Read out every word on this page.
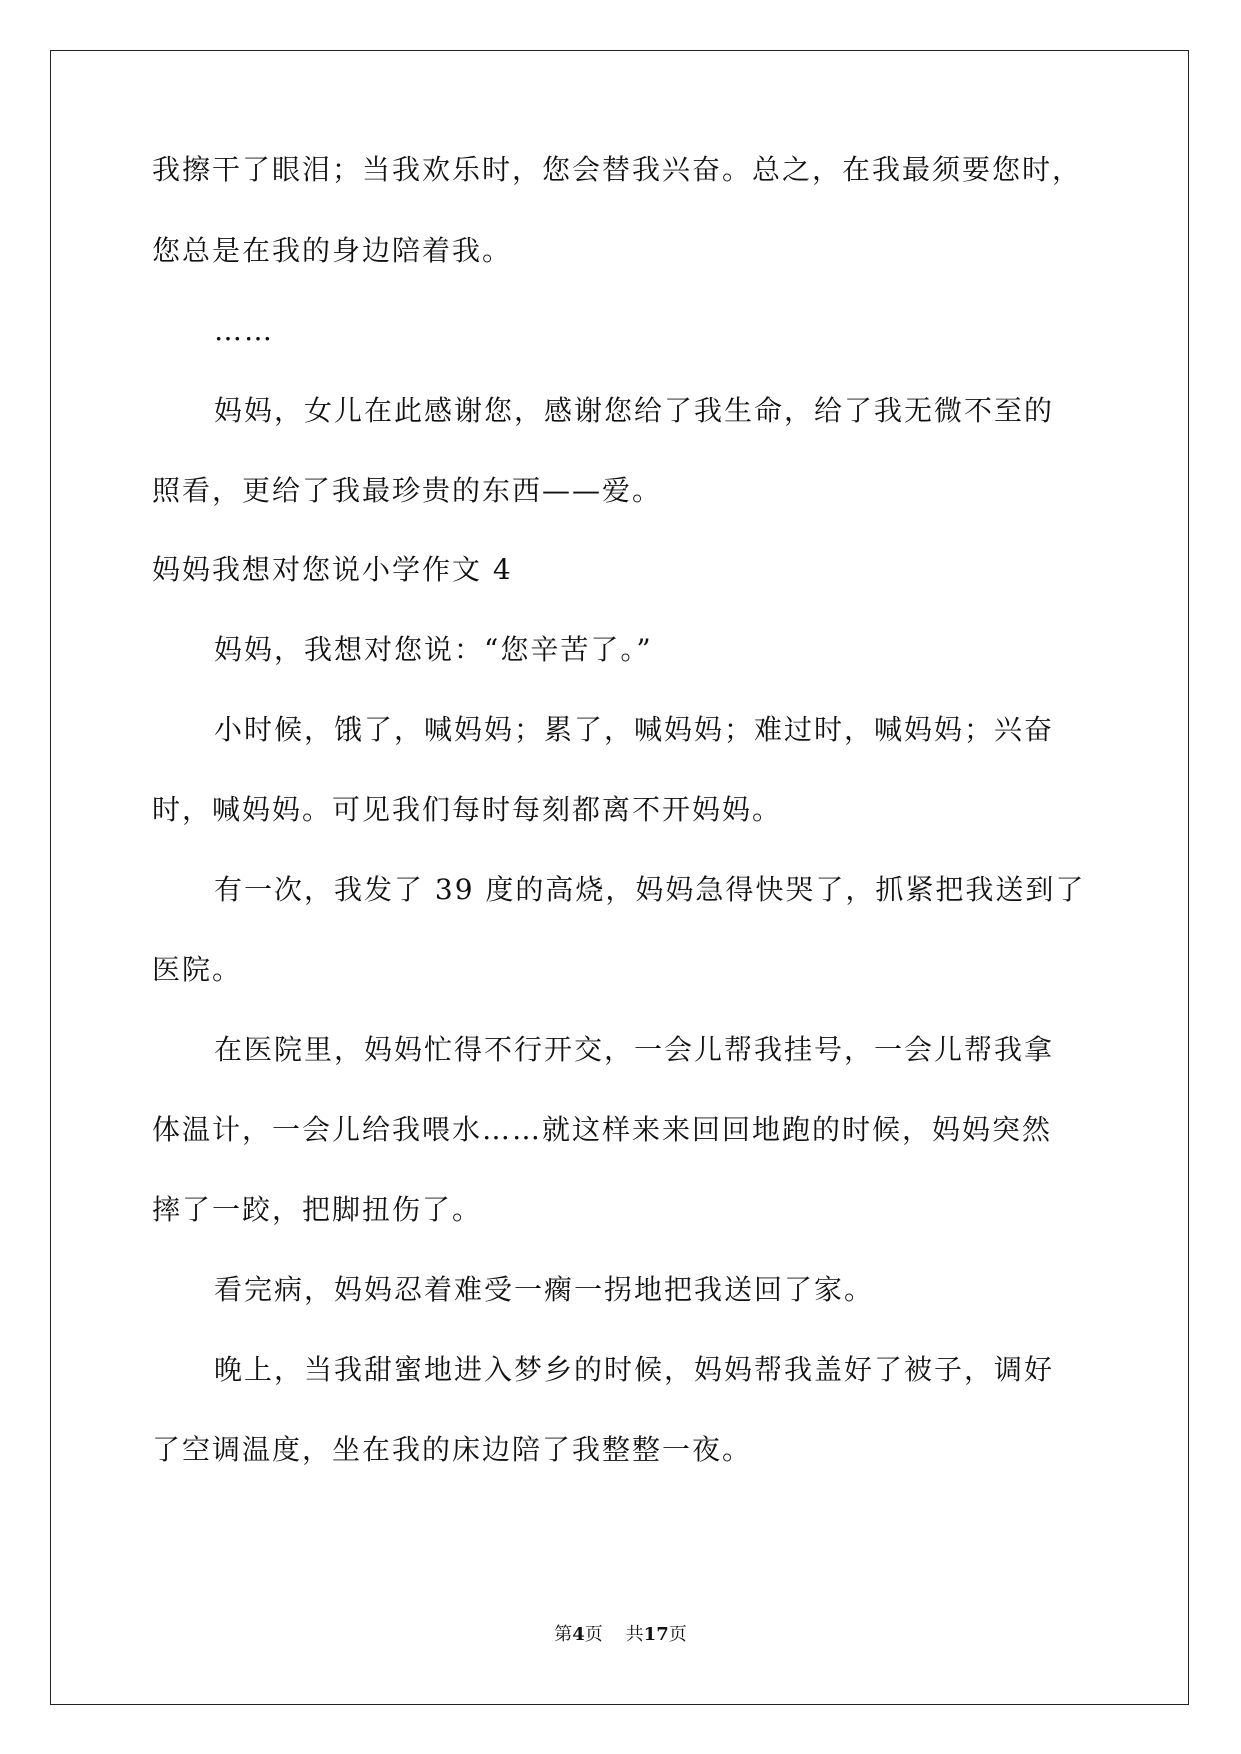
我擦干了眼泪；当我欢乐时，您会替我兴奋。总之，在我最须要您时，
您总是在我的身边陪着我。
……
妈妈，女儿在此感谢您，感谢您给了我生命，给了我无微不至的
照看，更给了我最珍贵的东西——爱。
妈妈我想对您说小学作文 4
妈妈，我想对您说：“您辛苦了。”
小时候，饿了，喊妈妈；累了，喊妈妈；难过时，喊妈妈；兴奋
时，喊妈妈。可见我们每时每刻都离不开妈妈。
有一次，我发了 39 度的高烧，妈妈急得快哭了，抓紧把我送到了
医院。
在医院里，妈妈忙得不行开交，一会儿帮我挂号，一会儿帮我拿
体温计，一会儿给我喂水……就这样来来回回地跑的时候，妈妈突然
摔了一跤，把脚扭伤了。
看完病，妈妈忍着难受一瘸一拐地把我送回了家。
晚上，当我甜蜜地进入梦乡的时候，妈妈帮我盖好了被子，调好
了空调温度，坐在我的床边陪了我整整一夜。
第4页 共17页
